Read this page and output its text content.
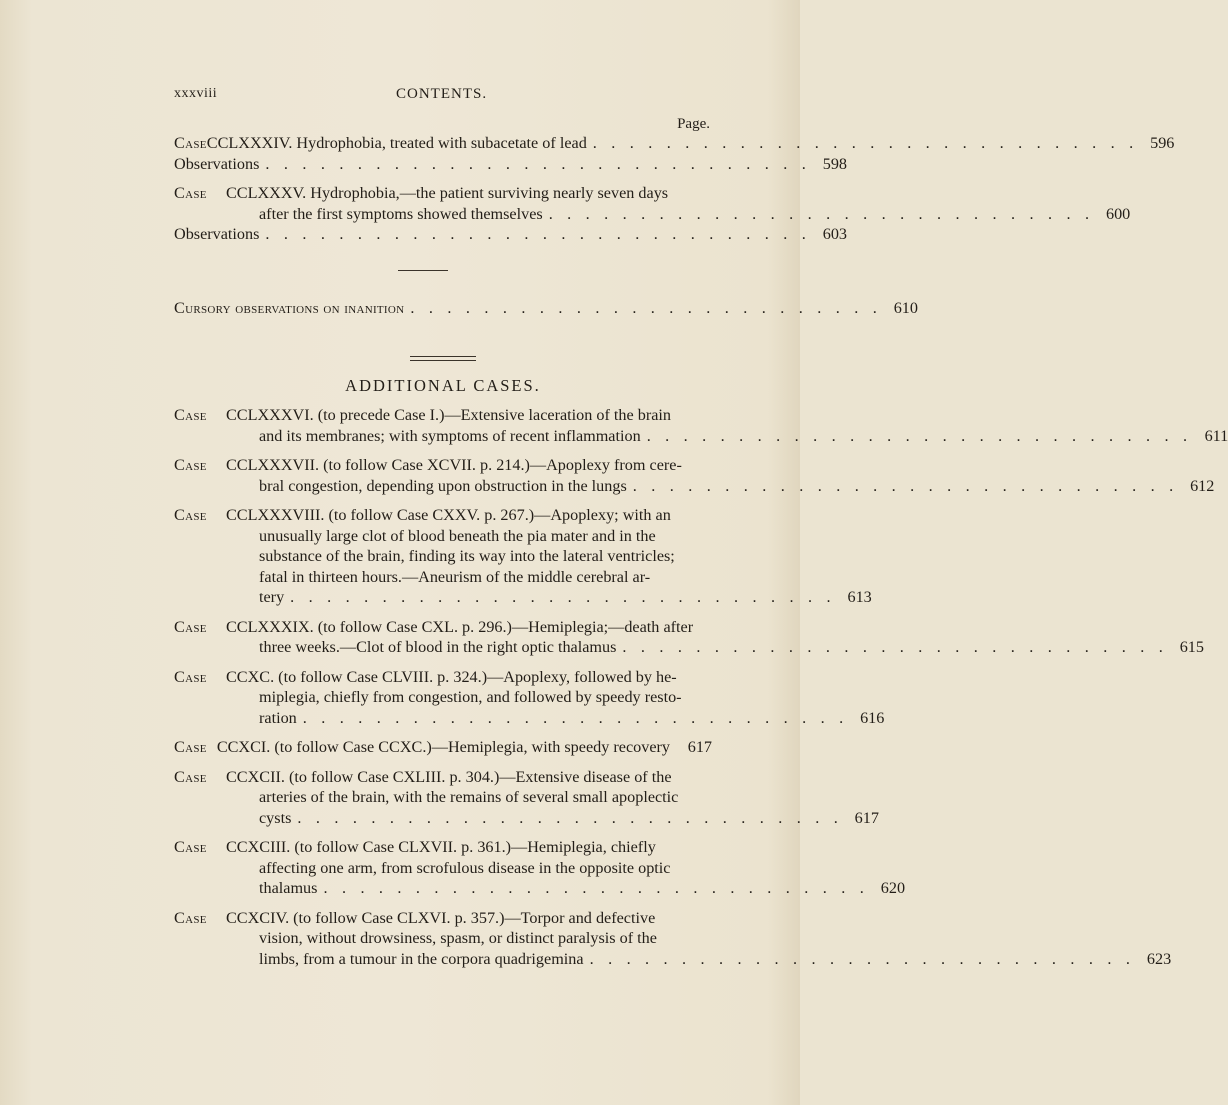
xxxviii	CONTENTS.
Page.
Case CCLXXXIV. Hydrophobia, treated with subacetate of lead . . . . . . . . . . . . . . . . . . . . . . . . . . . . . . 596
Observations . . . . . . . . . . . . . . . . . . . . . . . . . . . . . . 598
Case	CCLXXXV. Hydrophobia,—the patient surviving nearly seven days
after the first symptoms showed themselves . . . . . . . . . . . . . . . . . . . . . . . . . . . . . . 600
Observations . . . . . . . . . . . . . . . . . . . . . . . . . . . . . . 603
Cursory observations on inanition . . . . . . . . . . . . . . . . . . . . . . . . . . 610
ADDITIONAL CASES.
Case	CCLXXXVI. (to precede Case I.)—Extensive laceration of the brain
and its membranes; with symptoms of recent inflammation . . . . . . . . . . . . . . . . . . . . . . . . . . . . . . 611
Case	CCLXXXVII. (to follow Case XCVII. p. 214.)—Apoplexy from cere-
bral congestion, depending upon obstruction in the lungs . . . . . . . . . . . . . . . . . . . . . . . . . . . . . . 612
Case	CCLXXXVIII. (to follow Case CXXV. p. 267.)—Apoplexy; with an
unusually large clot of blood beneath the pia mater and in the
substance of the brain, finding its way into the lateral ventricles;
fatal in thirteen hours.—Aneurism of the middle cerebral ar-
tery . . . . . . . . . . . . . . . . . . . . . . . . . . . . . . 613
Case	CCLXXXIX. (to follow Case CXL. p. 296.)—Hemiplegia;—death after
three weeks.—Clot of blood in the right optic thalamus . . . . . . . . . . . . . . . . . . . . . . . . . . . . . . 615
Case	CCXC. (to follow Case CLVIII. p. 324.)—Apoplexy, followed by he-
miplegia, chiefly from congestion, and followed by speedy resto-
ration . . . . . . . . . . . . . . . . . . . . . . . . . . . . . . 616
Case CCXCI. (to follow Case CCXC.)—Hemiplegia, with speedy recovery	617
Case	CCXCII. (to follow Case CXLIII. p. 304.)—Extensive disease of the
arteries of the brain, with the remains of several small apoplectic
cysts . . . . . . . . . . . . . . . . . . . . . . . . . . . . . . 617
Case	CCXCIII. (to follow Case CLXVII. p. 361.)—Hemiplegia, chiefly
affecting one arm, from scrofulous disease in the opposite optic
thalamus . . . . . . . . . . . . . . . . . . . . . . . . . . . . . . 620
Case	CCXCIV. (to follow Case CLXVI. p. 357.)—Torpor and defective
vision, without drowsiness, spasm, or distinct paralysis of the
limbs, from a tumour in the corpora quadrigemina . . . . . . . . . . . . . . . . . . . . . . . . . . . . . . 623
